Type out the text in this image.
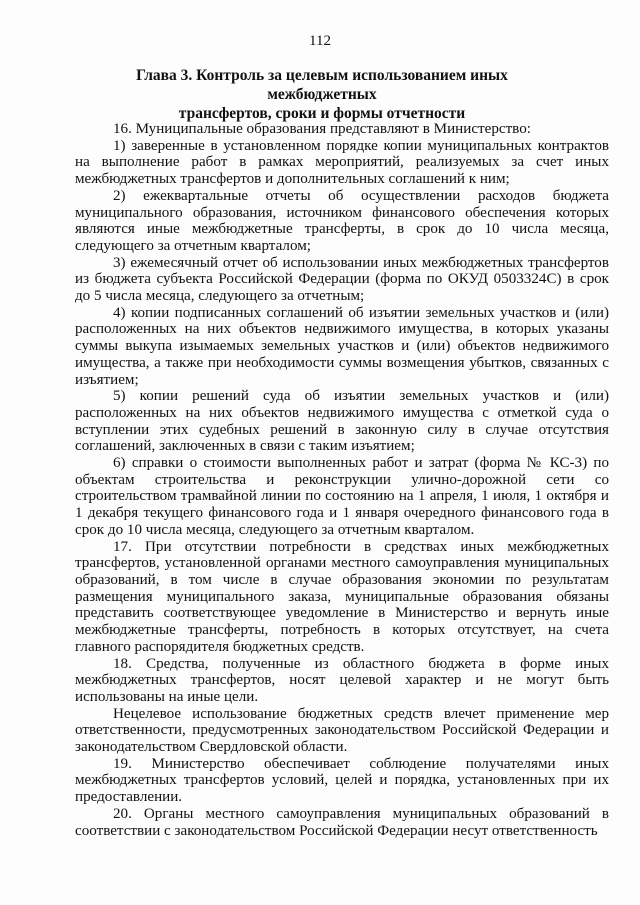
112
Глава 3. Контроль за целевым использованием иных межбюджетных
трансфертов, сроки и формы отчетности

16. Муниципальные образования представляют в Министерство:

1) заверенные в установленном порядке копии муниципальных контрактов на выполнение работ в рамках мероприятий, реализуемых за счет иных межбюджетных трансфертов и дополнительных соглашений к ним;

2) ежеквартальные отчеты об осуществлении расходов бюджета муниципального образования, источником финансового обеспечения которых являются иные межбюджетные трансферты, в срок до 10 числа месяца, следующего за отчетным кварталом;

3) ежемесячный отчет об использовании иных межбюджетных трансфертов из бюджета субъекта Российской Федерации (форма по ОКУД 0503324С) в срок до 5 числа месяца, следующего за отчетным;

4) копии подписанных соглашений об изъятии земельных участков и (или) расположенных на них объектов недвижимого имущества, в которых указаны суммы выкупа изымаемых земельных участков и (или) объектов недвижимого имущества, а также при необходимости суммы возмещения убытков, связанных с изъятием;

5) копии решений суда об изъятии земельных участков и (или) расположенных на них объектов недвижимого имущества с отметкой суда о вступлении этих судебных решений в законную силу в случае отсутствия соглашений, заключенных в связи с таким изъятием;

6) справки о стоимости выполненных работ и затрат (форма № КС-3) по объектам строительства и реконструкции улично-дорожной сети со строительством трамвайной линии по состоянию на 1 апреля, 1 июля, 1 октября и 1 декабря текущего финансового года и 1 января очередного финансового года в срок до 10 числа месяца, следующего за отчетным кварталом.

17. При отсутствии потребности в средствах иных межбюджетных трансфертов, установленной органами местного самоуправления муниципальных образований, в том числе в случае образования экономии по результатам размещения муниципального заказа, муниципальные образования обязаны представить соответствующее уведомление в Министерство и вернуть иные межбюджетные трансферты, потребность в которых отсутствует, на счета главного распорядителя бюджетных средств.

18. Средства, полученные из областного бюджета в форме иных межбюджетных трансфертов, носят целевой характер и не могут быть использованы на иные цели.

Нецелевое использование бюджетных средств влечет применение мер ответственности, предусмотренных законодательством Российской Федерации и законодательством Свердловской области.

19. Министерство обеспечивает соблюдение получателями иных межбюджетных трансфертов условий, целей и порядка, установленных при их предоставлении.

20. Органы местного самоуправления муниципальных образований в соответствии с законодательством Российской Федерации несут ответственность
